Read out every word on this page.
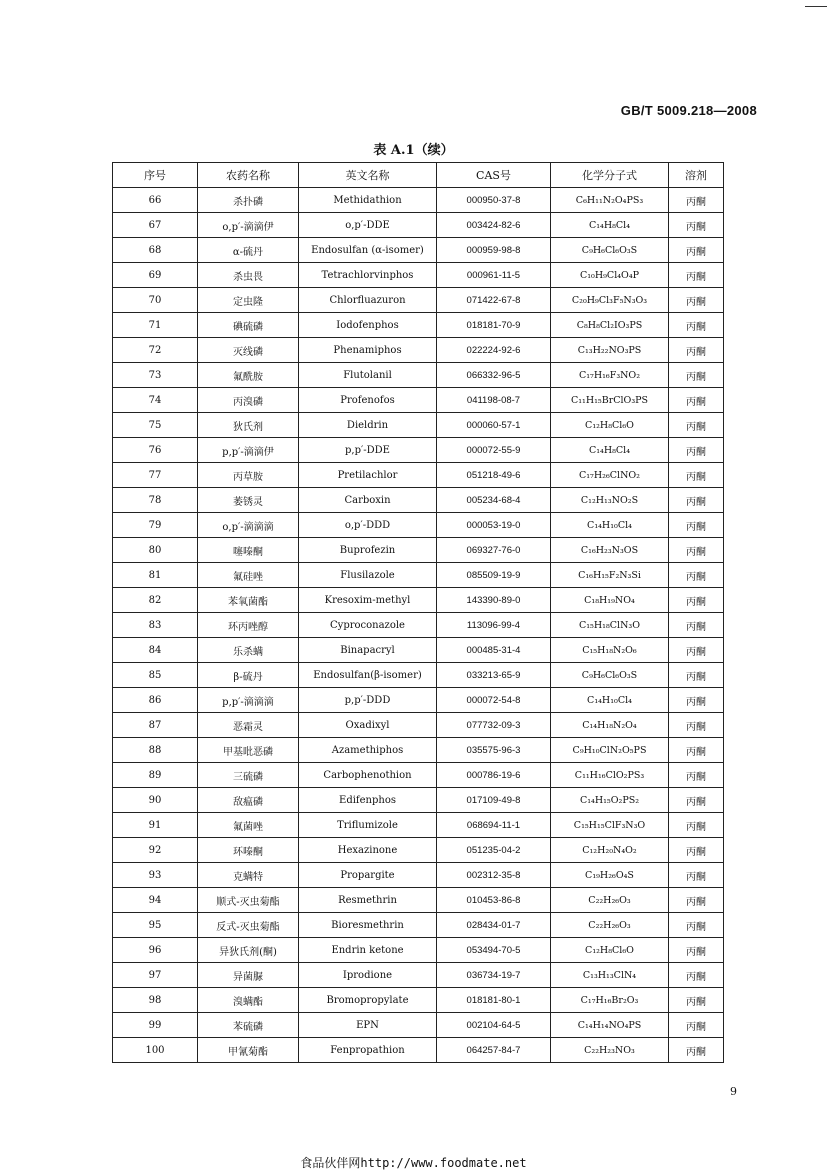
GB/T 5009.218—2008
表 A.1（续）
序号	农药名称	英文名称	CAS号	化学分子式	溶剂
66	杀扑磷	Methidathion	000950-37-8	C₆H₁₁N₂O₄PS₃	丙酮
67	o,p′-滴滴伊	o,p′-DDE	003424-82-6	C₁₄H₈Cl₄	丙酮
68	α-硫丹	Endosulfan (α-isomer)	000959-98-8	C₉H₆Cl₆O₃S	丙酮
69	杀虫畏	Tetrachlorvinphos	000961-11-5	C₁₀H₉Cl₄O₄P	丙酮
70	定虫隆	Chlorfluazuron	071422-67-8	C₂₀H₉Cl₃F₅N₃O₃	丙酮
71	碘硫磷	Iodofenphos	018181-70-9	C₈H₈Cl₂IO₃PS	丙酮
72	灭线磷	Phenamiphos	022224-92-6	C₁₃H₂₂NO₃PS	丙酮
73	氟酰胺	Flutolanil	066332-96-5	C₁₇H₁₆F₃NO₂	丙酮
74	丙溴磷	Profenofos	041198-08-7	C₁₁H₁₅BrClO₃PS	丙酮
75	狄氏剂	Dieldrin	000060-57-1	C₁₂H₈Cl₆O	丙酮
76	p,p′-滴滴伊	p,p′-DDE	000072-55-9	C₁₄H₈Cl₄	丙酮
77	丙草胺	Pretilachlor	051218-49-6	C₁₇H₂₆ClNO₂	丙酮
78	萎锈灵	Carboxin	005234-68-4	C₁₂H₁₃NO₂S	丙酮
79	o,p′-滴滴滴	o,p′-DDD	000053-19-0	C₁₄H₁₀Cl₄	丙酮
80	噻嗪酮	Buprofezin	069327-76-0	C₁₆H₂₃N₃OS	丙酮
81	氟硅唑	Flusilazole	085509-19-9	C₁₆H₁₅F₂N₃Si	丙酮
82	苯氧菌酯	Kresoxim-methyl	143390-89-0	C₁₈H₁₉NO₄	丙酮
83	环丙唑醇	Cyproconazole	113096-99-4	C₁₅H₁₈ClN₃O	丙酮
84	乐杀螨	Binapacryl	000485-31-4	C₁₅H₁₈N₂O₆	丙酮
85	β-硫丹	Endosulfan(β-isomer)	033213-65-9	C₉H₆Cl₆O₃S	丙酮
86	p,p′-滴滴滴	p,p′-DDD	000072-54-8	C₁₄H₁₀Cl₄	丙酮
87	恶霜灵	Oxadixyl	077732-09-3	C₁₄H₁₈N₂O₄	丙酮
88	甲基吡恶磷	Azamethiphos	035575-96-3	C₉H₁₀ClN₂O₅PS	丙酮
89	三硫磷	Carbophenothion	000786-19-6	C₁₁H₁₆ClO₂PS₃	丙酮
90	敌瘟磷	Edifenphos	017109-49-8	C₁₄H₁₅O₂PS₂	丙酮
91	氟菌唑	Triflumizole	068694-11-1	C₁₅H₁₅ClF₃N₃O	丙酮
92	环嗪酮	Hexazinone	051235-04-2	C₁₂H₂₀N₄O₂	丙酮
93	克螨特	Propargite	002312-35-8	C₁₉H₂₆O₄S	丙酮
94	顺式-灭虫菊酯	Resmethrin	010453-86-8	C₂₂H₂₆O₃	丙酮
95	反式-灭虫菊酯	Bioresmethrin	028434-01-7	C₂₂H₂₆O₃	丙酮
96	异狄氏剂(酮)	Endrin ketone	053494-70-5	C₁₂H₈Cl₆O	丙酮
97	异菌脲	Iprodione	036734-19-7	C₁₃H₁₃ClN₄	丙酮
98	溴螨酯	Bromopropylate	018181-80-1	C₁₇H₁₆Br₂O₃	丙酮
99	苯硫磷	EPN	002104-64-5	C₁₄H₁₄NO₄PS	丙酮
100	甲氰菊酯	Fenpropathion	064257-84-7	C₂₂H₂₃NO₃	丙酮
9
食品伙伴网http://www.foodmate.net
